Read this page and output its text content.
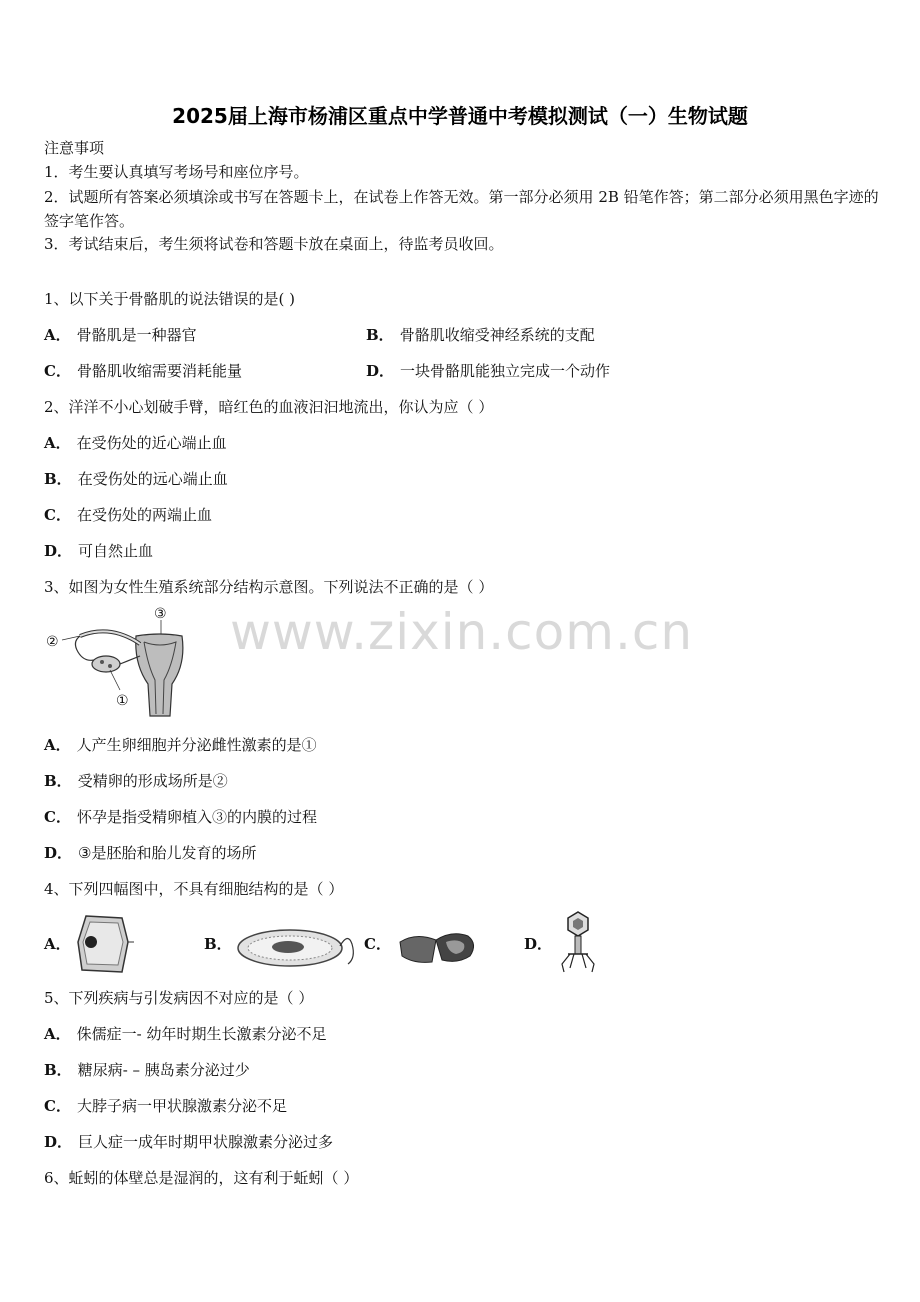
2025届上海市杨浦区重点中学普通中考模拟测试（一）生物试题
www.zixin.com.cn
注意事项
1．考生要认真填写考场号和座位序号。
2．试题所有答案必须填涂或书写在答题卡上，在试卷上作答无效。第一部分必须用 2B 铅笔作答；第二部分必须用黑色字迹的签字笔作答。
3．考试结束后，考生须将试卷和答题卡放在桌面上，待监考员收回。
1、以下关于骨骼肌的说法错误的是( )
A． 骨骼肌是一种器官	B． 骨骼肌收缩受神经系统的支配
C． 骨骼肌收缩需要消耗能量	D． 一块骨骼肌能独立完成一个动作
2、洋洋不小心划破手臂，暗红色的血液汩汩地流出，你认为应（ ）
A． 在受伤处的近心端止血
B． 在受伤处的远心端止血
C． 在受伤处的两端止血
D． 可自然止血
3、如图为女性生殖系统部分结构示意图。下列说法不正确的是（ ）
②
③
①
A． 人产生卵细胞并分泌雌性激素的是①
B． 受精卵的形成场所是②
C． 怀孕是指受精卵植入③的内膜的过程
D． ③是胚胎和胎儿发育的场所
4、下列四幅图中，不具有细胞结构的是（ ）
A．	B．	C．	D．
5、下列疾病与引发病因不对应的是（ ）
A． 侏儒症一- 幼年时期生长激素分泌不足
B． 糖尿病- – 胰岛素分泌过少
C． 大脖子病一甲状腺激素分泌不足
D． 巨人症一成年时期甲状腺激素分泌过多
6、蚯蚓的体壁总是湿润的，这有利于蚯蚓（ ）
